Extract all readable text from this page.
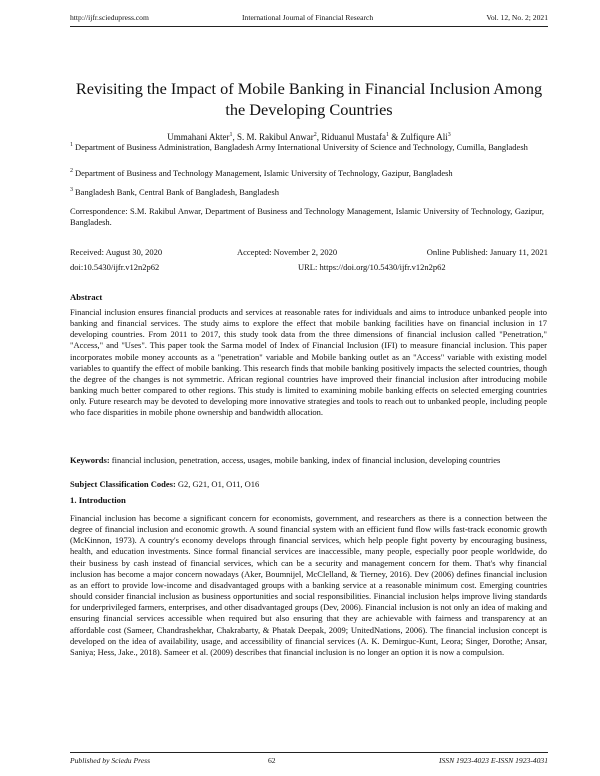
http://ijfr.sciedupress.com	International Journal of Financial Research	Vol. 12, No. 2; 2021
Revisiting the Impact of Mobile Banking in Financial Inclusion Among the Developing Countries
Ummahani Akter$^1$, S. M. Rakibul Anwar$^2$, Riduanul Mustafa$^1$ & Zulfiqure Ali$^3$
$^1$ Department of Business Administration, Bangladesh Army International University of Science and Technology, Cumilla, Bangladesh
$^2$ Department of Business and Technology Management, Islamic University of Technology, Gazipur, Bangladesh
$^3$ Bangladesh Bank, Central Bank of Bangladesh, Bangladesh
Correspondence: S.M. Rakibul Anwar, Department of Business and Technology Management, Islamic University of Technology, Gazipur, Bangladesh.
Received: August 30, 2020	Accepted: November 2, 2020	Online Published: January 11, 2021
doi:10.5430/ijfr.v12n2p62	URL: https://doi.org/10.5430/ijfr.v12n2p62
Abstract

Financial inclusion ensures financial products and services at reasonable rates for individuals and aims to introduce unbanked people into banking and financial services. The study aims to explore the effect that mobile banking facilities have on financial inclusion in 17 developing countries. From 2011 to 2017, this study took data from the three dimensions of financial inclusion called "Penetration," "Access," and "Uses". This paper took the Sarma model of Index of Financial Inclusion (IFI) to measure financial inclusion. This paper incorporates mobile money accounts as a "penetration" variable and Mobile banking outlet as an "Access" variable with existing model variables to quantify the effect of mobile banking. This research finds that mobile banking positively impacts the selected countries, though the degree of the changes is not symmetric. African regional countries have improved their financial inclusion after introducing mobile banking much better compared to other regions. This study is limited to examining mobile banking effects on selected emerging countries only. Future research may be devoted to developing more innovative strategies and tools to reach out to unbanked people, including people who face disparities in mobile phone ownership and bandwidth allocation.

Keywords: financial inclusion, penetration, access, usages, mobile banking, index of financial inclusion, developing countries

Subject Classification Codes: G2, G21, O1, O11, O16

1. Introduction

Financial inclusion has become a significant concern for economists, government, and researchers as there is a connection between the degree of financial inclusion and economic growth. A sound financial system with an efficient fund flow wills fast-track economic growth (McKinnon, 1973). A country's economy develops through financial services, which help people fight poverty by encouraging business, health, and education investments. Since formal financial services are inaccessible, many people, especially poor people worldwide, do their business by cash instead of financial services, which can be a security and management concern for them. That's why financial inclusion has become a major concern nowadays (Aker, Boumnijel, McClelland, & Tierney, 2016). Dev (2006) defines financial inclusion as an effort to provide low-income and disadvantaged groups with a banking service at a reasonable minimum cost. Emerging countries should consider financial inclusion as business opportunities and social responsibilities. Financial inclusion helps improve living standards for underprivileged farmers, enterprises, and other disadvantaged groups (Dev, 2006). Financial inclusion is not only an idea of making and ensuring financial services accessible when required but also ensuring that they are achievable with fairness and transparency at an affordable cost (Sameer, Chandrashekhar, Chakrabarty, & Phatak Deepak, 2009; UnitedNations, 2006). The financial inclusion concept is developed on the idea of availability, usage, and accessibility of financial services (A. K. Demirguc-Kunt, Leora; Singer, Dorothe; Ansar, Saniya; Hess, Jake., 2018). Sameer et al. (2009) describes that financial inclusion is no longer an option it is now a compulsion.

Published by Sciedu Press	62	ISSN 1923-4023 E-ISSN 1923-4031
